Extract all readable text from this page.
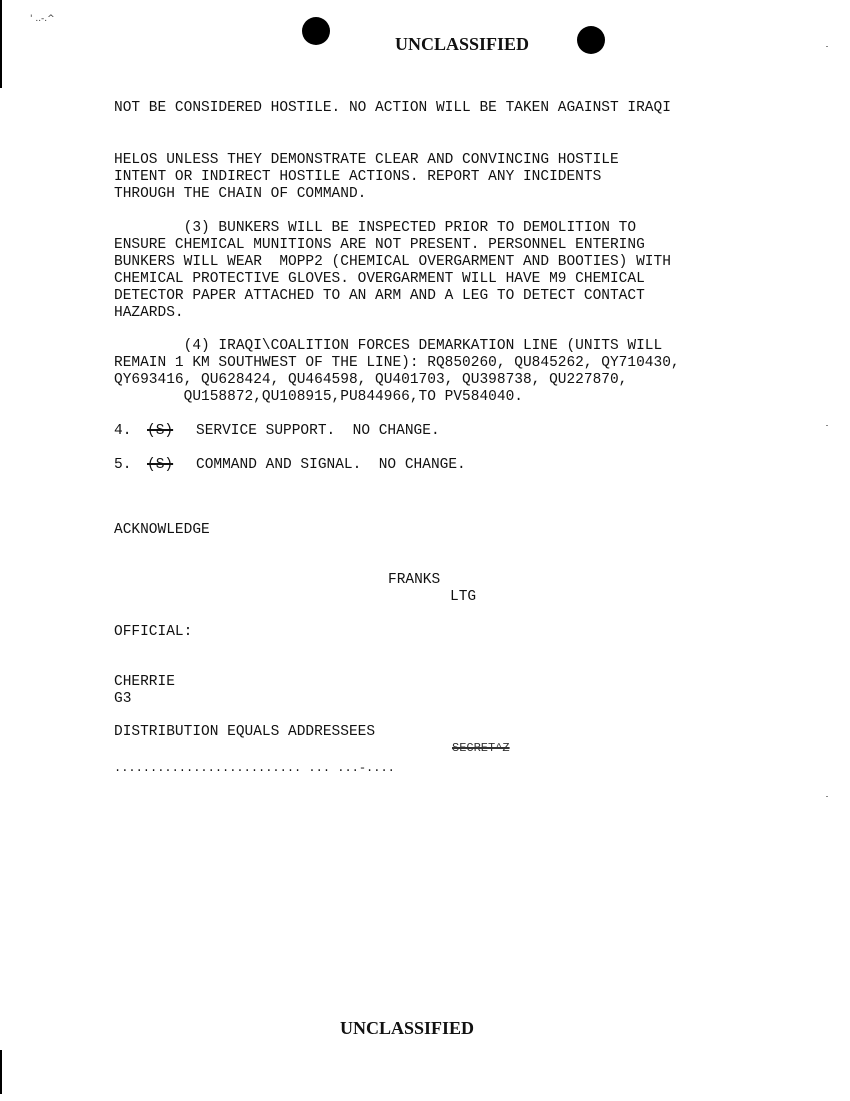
' ..-.^
UNCLASSIFIED
NOT BE CONSIDERED HOSTILE. NO ACTION WILL BE TAKEN AGAINST IRAQI
HELOS UNLESS THEY DEMONSTRATE CLEAR AND CONVINCING HOSTILE
INTENT OR INDIRECT HOSTILE ACTIONS. REPORT ANY INCIDENTS
THROUGH THE CHAIN OF COMMAND.
(3) BUNKERS WILL BE INSPECTED PRIOR TO DEMOLITION TO
ENSURE CHEMICAL MUNITIONS ARE NOT PRESENT. PERSONNEL ENTERING
BUNKERS WILL WEAR  MOPP2 (CHEMICAL OVERGARMENT AND BOOTIES) WITH
CHEMICAL PROTECTIVE GLOVES. OVERGARMENT WILL HAVE M9 CHEMICAL
DETECTOR PAPER ATTACHED TO AN ARM AND A LEG TO DETECT CONTACT
HAZARDS.
(4) IRAQI\COALITION FORCES DEMARKATION LINE (UNITS WILL
REMAIN 1 KM SOUTHWEST OF THE LINE): RQ850260, QU845262, QY710430,
QY693416, QU628424, QU464598, QU401703, QU398738, QU227870,
QU158872,QU108915,PU844966,TO PV584040.
4. (S) SERVICE SUPPORT.  NO CHANGE.
5. (S) COMMAND AND SIGNAL.  NO CHANGE.
ACKNOWLEDGE
FRANKS
LTG
OFFICIAL:
CHERRIE
G3
DISTRIBUTION EQUALS ADDRESSEES
SECRET^Z
.......................... ... ...-....
UNCLASSIFIED
